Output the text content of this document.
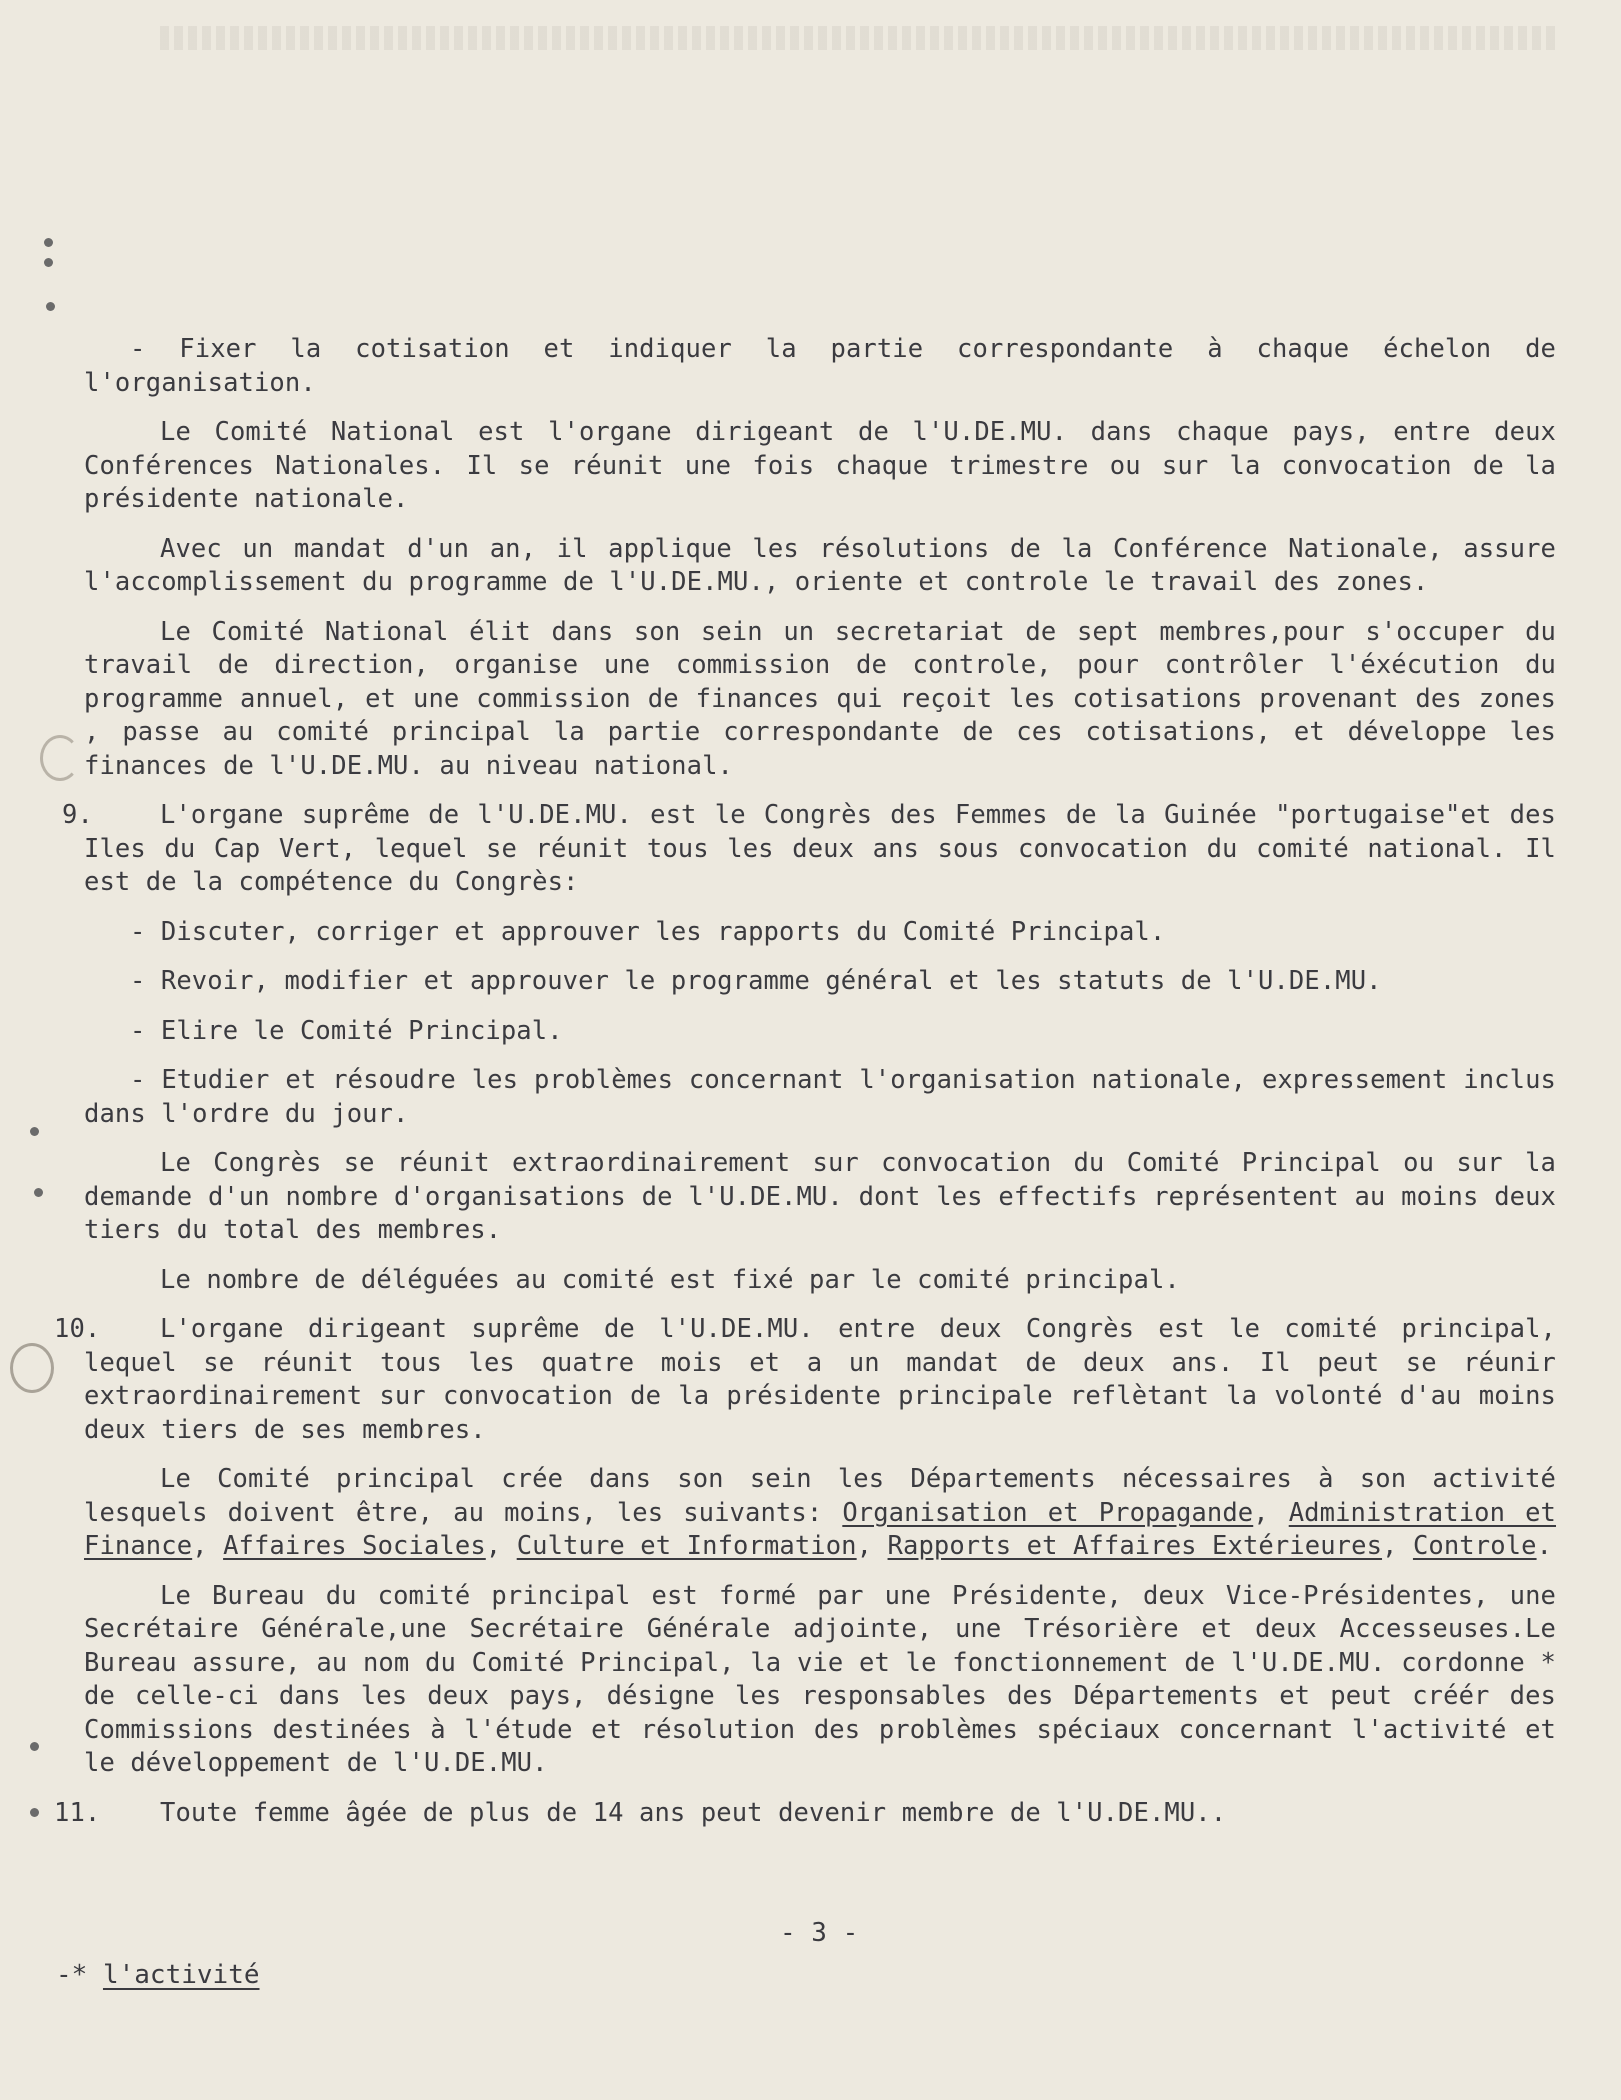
- Fixer la cotisation et indiquer la partie correspondante à chaque échelon de l'organisation.

Le Comité National est l'organe dirigeant de l'U.DE.MU. dans chaque pays, entre deux Conférences Nationales. Il se réunit une fois chaque trimestre ou sur la convocation de la présidente nationale.

Avec un mandat d'un an, il applique les résolutions de la Conférence Nationale, assure l'accomplissement du programme de l'U.DE.MU., oriente et controle le travail des zones.

Le Comité National élit dans son sein un secretariat de sept membres,pour s'occuper du travail de direction, organise une commission de controle, pour contrôler l'éxécution du programme annuel, et une commission de finances qui reçoit les cotisations provenant des zones , passe au comité principal la partie correspondante de ces cotisations, et développe les finances de l'U.DE.MU. au niveau national.

9.	L'organe suprême de l'U.DE.MU. est le Congrès des Femmes de la Guinée "portugaise"et des Iles du Cap Vert, lequel se réunit tous les deux ans sous convocation du comité national. Il est de la compétence du Congrès:

- Discuter, corriger et approuver les rapports du Comité Principal.

- Revoir, modifier et approuver le programme général et les statuts de l'U.DE.MU.

- Elire le Comité Principal.

- Etudier et résoudre les problèmes concernant l'organisation nationale, expressement inclus dans l'ordre du jour.

Le Congrès se réunit extraordinairement sur convocation du Comité Principal ou sur la demande d'un nombre d'organisations de l'U.DE.MU. dont les effectifs représentent au moins deux tiers du total des membres.

Le nombre de déléguées au comité est fixé par le comité principal.

10.	L'organe dirigeant suprême de l'U.DE.MU. entre deux Congrès est le comité principal, lequel se réunit tous les quatre mois et a un mandat de deux ans. Il peut se réunir extraordinairement sur convocation de la présidente principale reflètant la volonté d'au moins deux tiers de ses membres.

Le Comité principal crée dans son sein les Départements nécessaires à son activité lesquels doivent être, au moins, les suivants: Organisation et Propagande, Administration et Finance, Affaires Sociales, Culture et Information, Rapports et Affaires Extérieures, Controle.

Le Bureau du comité principal est formé par une Présidente, deux Vice-Présidentes, une Secrétaire Générale,une Secrétaire Générale adjointe, une Trésorière et deux Accesseuses.Le Bureau assure, au nom du Comité Principal, la vie et le fonctionnement de l'U.DE.MU. cordonne * de celle-ci dans les deux pays, désigne les responsables des Départements et peut créér des Commissions destinées à l'étude et résolution des problèmes spéciaux concernant l'activité et le développement de l'U.DE.MU.

11.	Toute femme âgée de plus de 14 ans peut devenir membre de l'U.DE.MU..

- 3 -
-* l'activité
